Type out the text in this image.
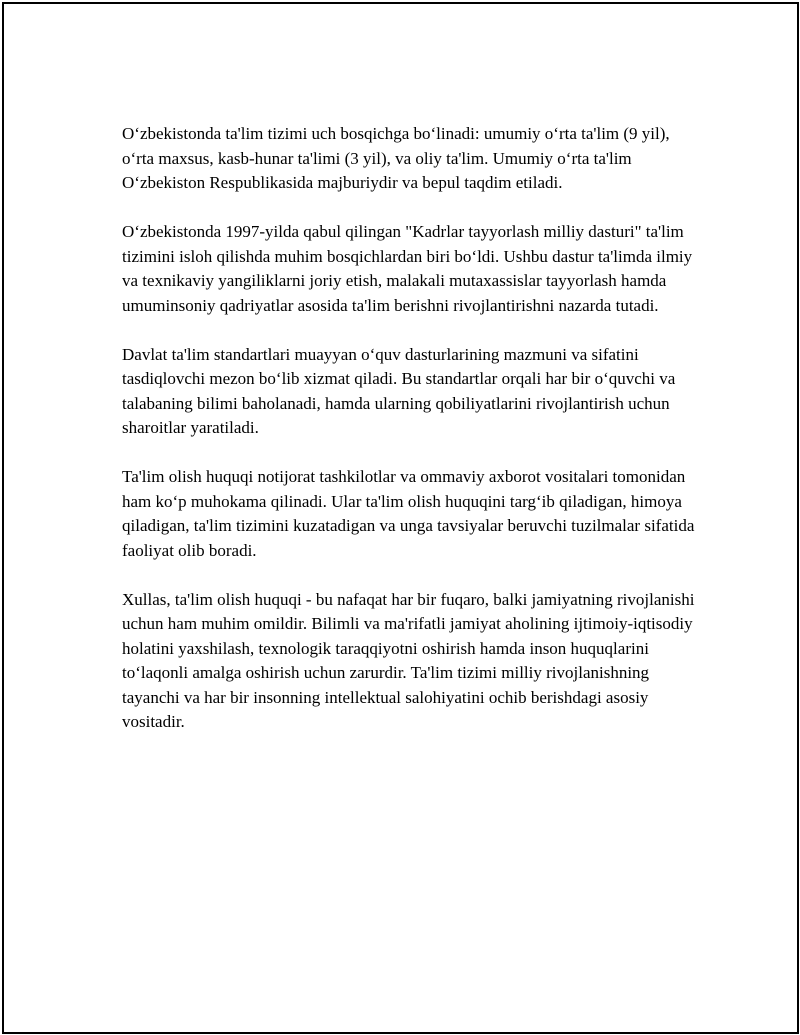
O‘zbekistonda ta'lim tizimi uch bosqichga bo‘linadi: umumiy o‘rta ta'lim (9 yil), o‘rta maxsus, kasb-hunar ta'limi (3 yil), va oliy ta'lim. Umumiy o‘rta ta'lim O‘zbekiston Respublikasida majburiydir va bepul taqdim etiladi.

O‘zbekistonda 1997-yilda qabul qilingan "Kadrlar tayyorlash milliy dasturi" ta'lim tizimini isloh qilishda muhim bosqichlardan biri bo‘ldi. Ushbu dastur ta'limda ilmiy va texnikaviy yangiliklarni joriy etish, malakali mutaxassislar tayyorlash hamda umuminsoniy qadriyatlar asosida ta'lim berishni rivojlantirishni nazarda tutadi.

Davlat ta'lim standartlari muayyan o‘quv dasturlarining mazmuni va sifatini tasdiqlovchi mezon bo‘lib xizmat qiladi. Bu standartlar orqali har bir o‘quvchi va talabaning bilimi baholanadi, hamda ularning qobiliyatlarini rivojlantirish uchun sharoitlar yaratiladi.

Ta'lim olish huquqi notijorat tashkilotlar va ommaviy axborot vositalari tomonidan ham ko‘p muhokama qilinadi. Ular ta'lim olish huquqini targ‘ib qiladigan, himoya qiladigan, ta'lim tizimini kuzatadigan va unga tavsiyalar beruvchi tuzilmalar sifatida faoliyat olib boradi.

Xullas, ta'lim olish huquqi - bu nafaqat har bir fuqaro, balki jamiyatning rivojlanishi uchun ham muhim omildir. Bilimli va ma'rifatli jamiyat aholining ijtimoiy-iqtisodiy holatini yaxshilash, texnologik taraqqiyotni oshirish hamda inson huquqlarini to‘laqonli amalga oshirish uchun zarurdir. Ta'lim tizimi milliy rivojlanishning tayanchi va har bir insonning intellektual salohiyatini ochib berishdagi asosiy vositadir.
